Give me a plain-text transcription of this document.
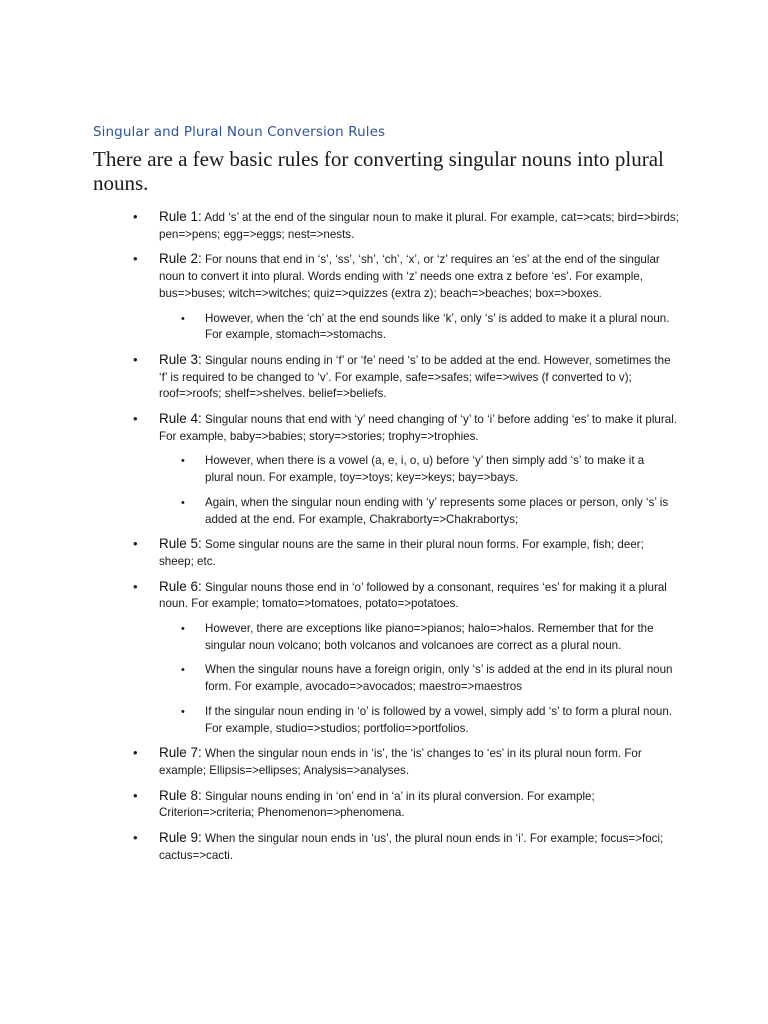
Singular and Plural Noun Conversion Rules

There are a few basic rules for converting singular nouns into plural nouns.

• Rule 1: Add ‘s’ at the end of the singular noun to make it plural. For example, cat=>cats; bird=>birds; pen=>pens; egg=>eggs; nest=>nests.
• Rule 2: For nouns that end in ‘s’, ‘ss’, ‘sh’, ‘ch’, ‘x’, or ‘z’ requires an ‘es’ at the end of the singular noun to convert it into plural. Words ending with ‘z’ needs one extra z before ‘es’. For example, bus=>buses; witch=>witches; quiz=>quizzes (extra z); beach=>beaches; box=>boxes.
• However, when the ‘ch’ at the end sounds like ‘k’, only ‘s’ is added to make it a plural noun. For example, stomach=>stomachs.
• Rule 3: Singular nouns ending in ‘f’ or ‘fe’ need ‘s’ to be added at the end. However, sometimes the ‘f’ is required to be changed to ‘v’. For example, safe=>safes; wife=>wives (f converted to v); roof=>roofs; shelf=>shelves. belief=>beliefs.
• Rule 4: Singular nouns that end with ‘y’ need changing of ‘y’ to ‘i’ before adding ‘es’ to make it plural. For example, baby=>babies; story=>stories; trophy=>trophies.
• However, when there is a vowel (a, e, i, o, u) before ‘y’ then simply add ‘s’ to make it a plural noun. For example, toy=>toys; key=>keys; bay=>bays.
• Again, when the singular noun ending with ‘y’ represents some places or person, only ‘s’ is added at the end. For example, Chakraborty=>Chakrabortys;
• Rule 5: Some singular nouns are the same in their plural noun forms. For example, fish; deer; sheep; etc.
• Rule 6: Singular nouns those end in ‘o’ followed by a consonant, requires ‘es’ for making it a plural noun. For example; tomato=>tomatoes, potato=>potatoes.
• However, there are exceptions like piano=>pianos; halo=>halos. Remember that for the singular noun volcano; both volcanos and volcanoes are correct as a plural noun.
• When the singular nouns have a foreign origin, only ‘s’ is added at the end in its plural noun form. For example, avocado=>avocados; maestro=>maestros
• If the singular noun ending in ‘o’ is followed by a vowel, simply add ‘s’ to form a plural noun. For example, studio=>studios; portfolio=>portfolios.
• Rule 7: When the singular noun ends in ‘is’, the ‘is’ changes to ‘es’ in its plural noun form. For example; Ellipsis=>ellipses; Analysis=>analyses.
• Rule 8: Singular nouns ending in ‘on’ end in ‘a’ in its plural conversion. For example; Criterion=>criteria; Phenomenon=>phenomena.
• Rule 9: When the singular noun ends in ‘us’, the plural noun ends in ‘i’. For example; focus=>foci; cactus=>cacti.
